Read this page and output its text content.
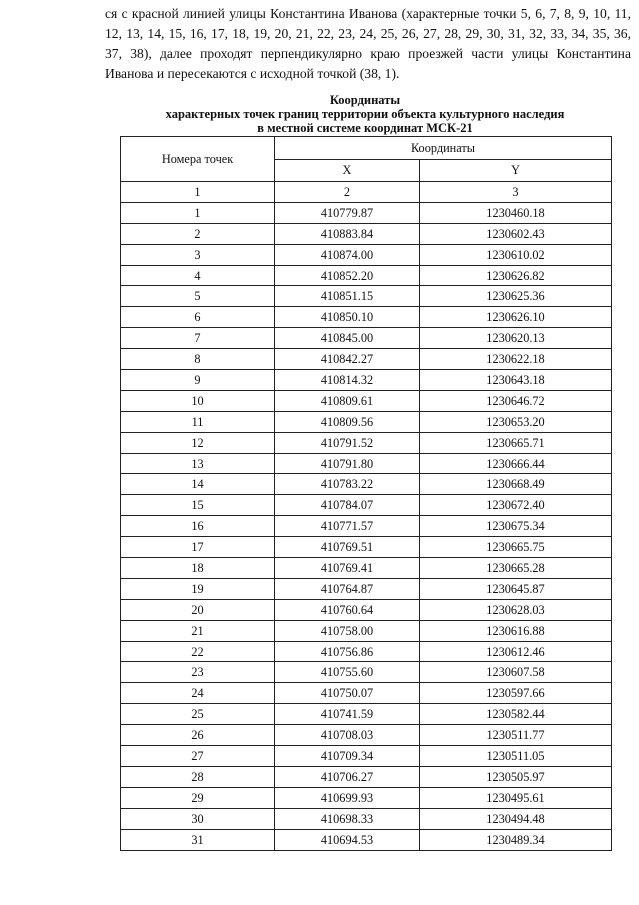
ся с красной линией улицы Константина Иванова (характерные точки 5, 6, 7, 8, 9, 10, 11, 12, 13, 14, 15, 16, 17, 18, 19, 20, 21, 22, 23, 24, 25, 26, 27, 28, 29, 30, 31, 32, 33, 34, 35, 36, 37, 38), далее проходят перпендикулярно краю проезжей части улицы Константина Иванова и пересекаются с исходной точкой (38, 1).

Координаты

характерных точек границ территории объекта культурного наследия

в местной системе координат МСК-21

Номера точек	Координаты	
	X	Y
1	2	3
1	410779.87	1230460.18
2	410883.84	1230602.43
3	410874.00	1230610.02
4	410852.20	1230626.82
5	410851.15	1230625.36
6	410850.10	1230626.10
7	410845.00	1230620.13
8	410842.27	1230622.18
9	410814.32	1230643.18
10	410809.61	1230646.72
11	410809.56	1230653.20
12	410791.52	1230665.71
13	410791.80	1230666.44
14	410783.22	1230668.49
15	410784.07	1230672.40
16	410771.57	1230675.34
17	410769.51	1230665.75
18	410769.41	1230665.28
19	410764.87	1230645.87
20	410760.64	1230628.03
21	410758.00	1230616.88
22	410756.86	1230612.46
23	410755.60	1230607.58
24	410750.07	1230597.66
25	410741.59	1230582.44
26	410708.03	1230511.77
27	410709.34	1230511.05
28	410706.27	1230505.97
29	410699.93	1230495.61
30	410698.33	1230494.48
31	410694.53	1230489.34
